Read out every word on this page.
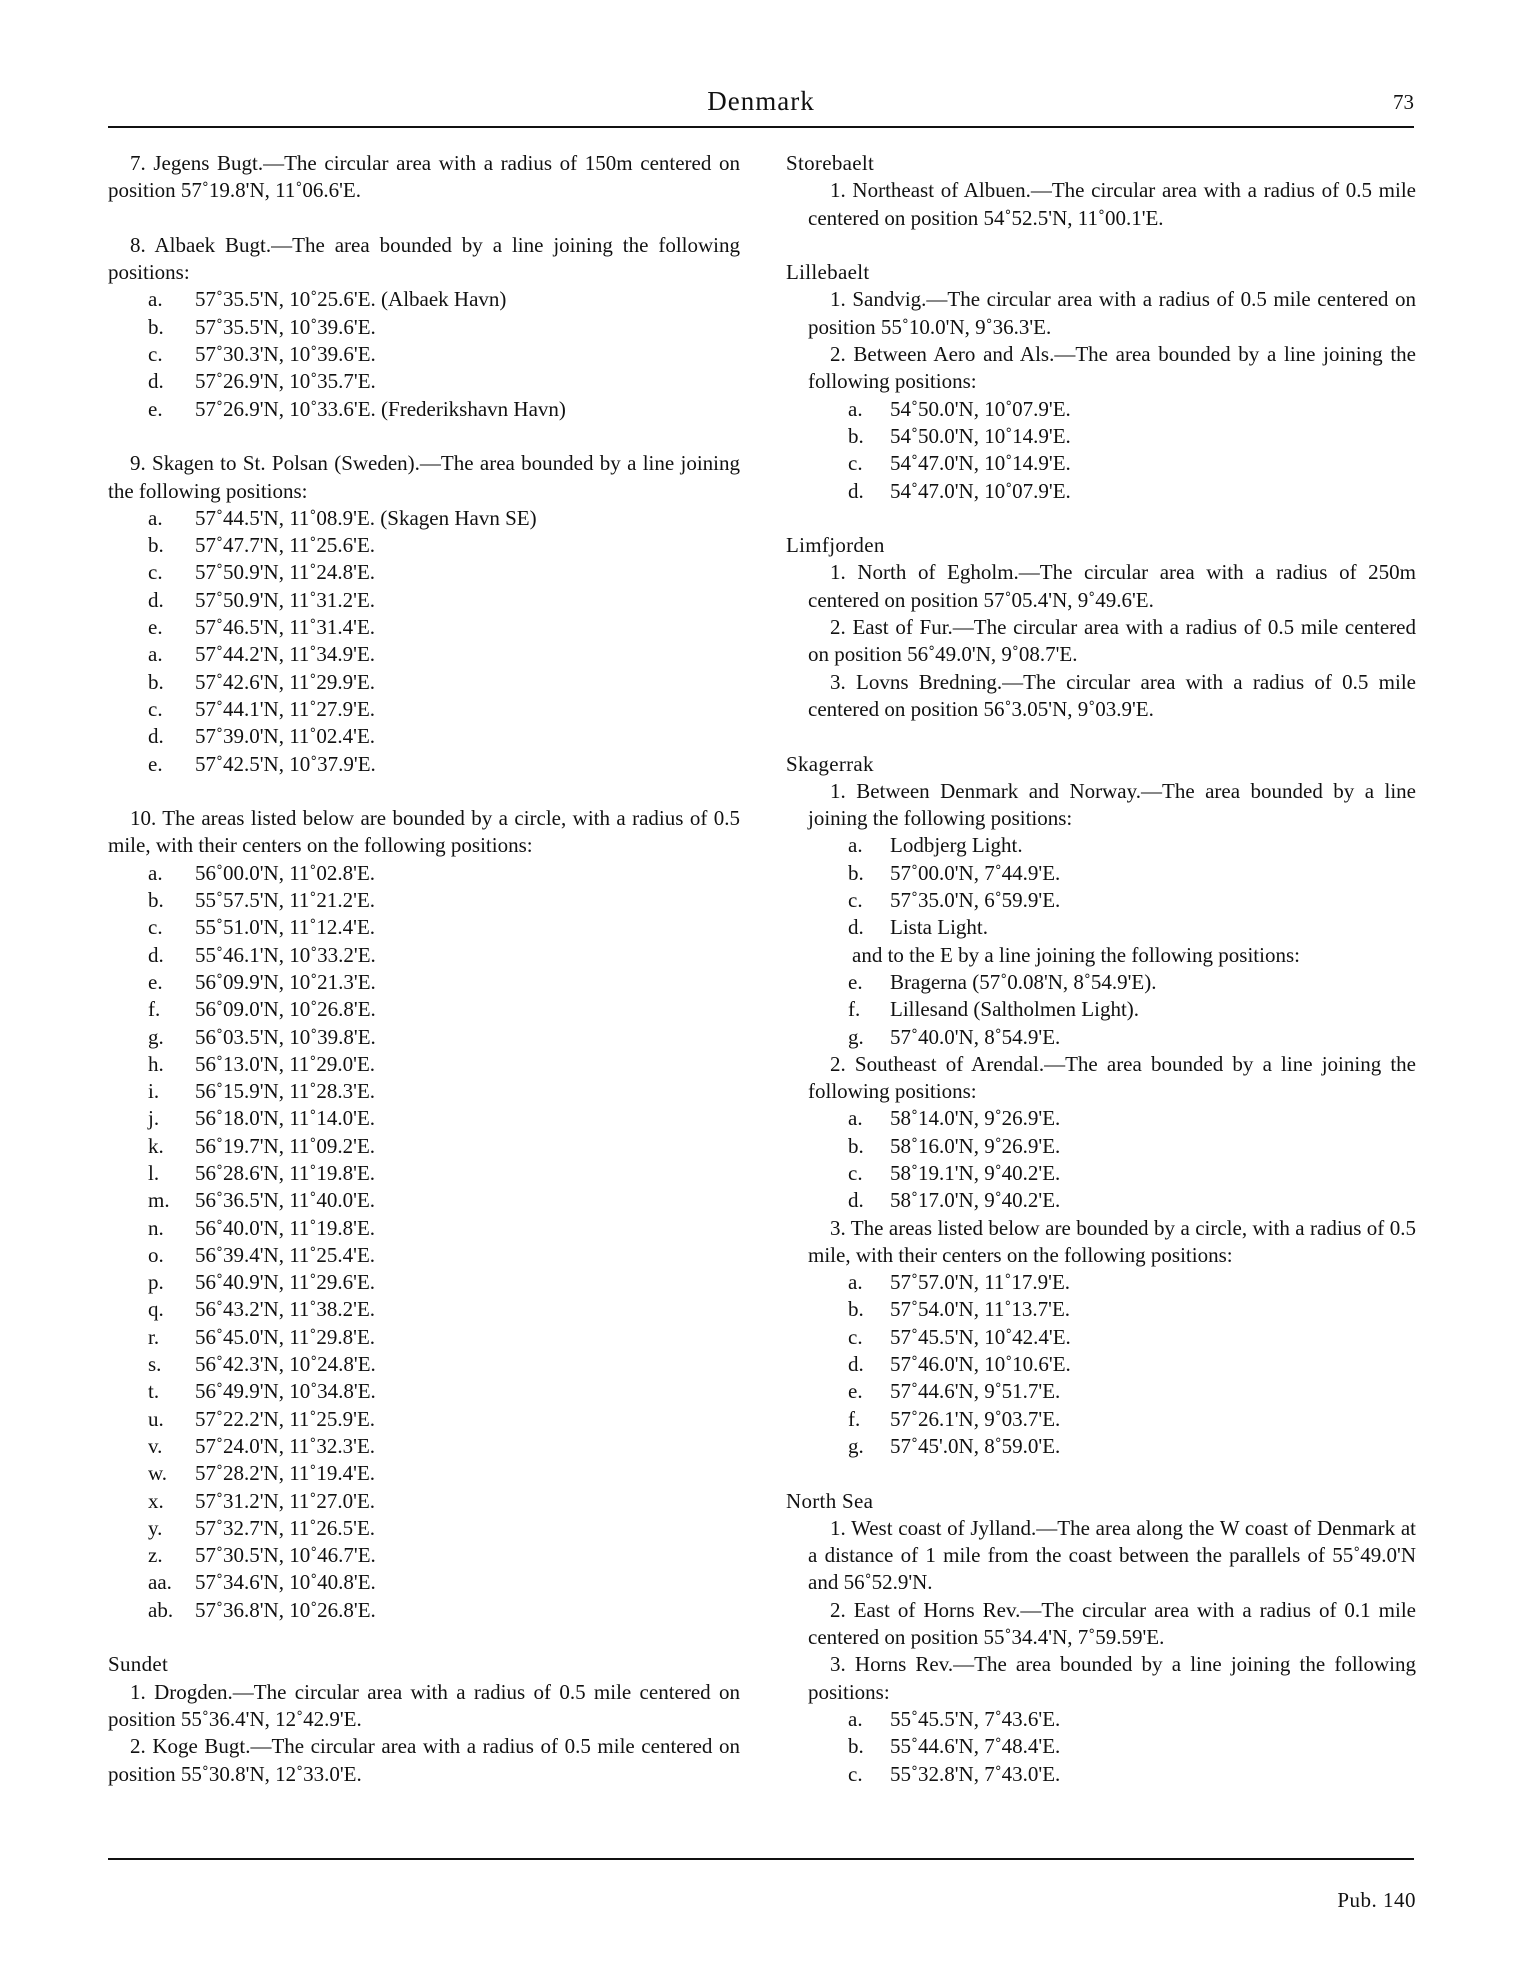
Denmark	73

7. Jegens Bugt.—The circular area with a radius of 150m centered on position 57˚19.8'N, 11˚06.6'E.

8. Albaek Bugt.—The area bounded by a line joining the following positions:

a. 57˚35.5'N, 10˚25.6'E. (Albaek Havn)
b. 57˚35.5'N, 10˚39.6'E.
c. 57˚30.3'N, 10˚39.6'E.
d. 57˚26.9'N, 10˚35.7'E.
e. 57˚26.9'N, 10˚33.6'E. (Frederikshavn Havn)

9. Skagen to St. Polsan (Sweden).—The area bounded by a line joining the following positions:

a. 57˚44.5'N, 11˚08.9'E. (Skagen Havn SE)
b. 57˚47.7'N, 11˚25.6'E.
c. 57˚50.9'N, 11˚24.8'E.
d. 57˚50.9'N, 11˚31.2'E.
e. 57˚46.5'N, 11˚31.4'E.
a. 57˚44.2'N, 11˚34.9'E.
b. 57˚42.6'N, 11˚29.9'E.
c. 57˚44.1'N, 11˚27.9'E.
d. 57˚39.0'N, 11˚02.4'E.
e. 57˚42.5'N, 10˚37.9'E.

10. The areas listed below are bounded by a circle, with a radius of 0.5 mile, with their centers on the following positions:

a. 56˚00.0'N, 11˚02.8'E.
b. 55˚57.5'N, 11˚21.2'E.
c. 55˚51.0'N, 11˚12.4'E.
d. 55˚46.1'N, 10˚33.2'E.
e. 56˚09.9'N, 10˚21.3'E.
f. 56˚09.0'N, 10˚26.8'E.
g. 56˚03.5'N, 10˚39.8'E.
h. 56˚13.0'N, 11˚29.0'E.
i. 56˚15.9'N, 11˚28.3'E.
j. 56˚18.0'N, 11˚14.0'E.
k. 56˚19.7'N, 11˚09.2'E.
l. 56˚28.6'N, 11˚19.8'E.
m. 56˚36.5'N, 11˚40.0'E.
n. 56˚40.0'N, 11˚19.8'E.
o. 56˚39.4'N, 11˚25.4'E.
p. 56˚40.9'N, 11˚29.6'E.
q. 56˚43.2'N, 11˚38.2'E.
r. 56˚45.0'N, 11˚29.8'E.
s. 56˚42.3'N, 10˚24.8'E.
t. 56˚49.9'N, 10˚34.8'E.
u. 57˚22.2'N, 11˚25.9'E.
v. 57˚24.0'N, 11˚32.3'E.
w. 57˚28.2'N, 11˚19.4'E.
x. 57˚31.2'N, 11˚27.0'E.
y. 57˚32.7'N, 11˚26.5'E.
z. 57˚30.5'N, 10˚46.7'E.
aa. 57˚34.6'N, 10˚40.8'E.
ab. 57˚36.8'N, 10˚26.8'E.

Sundet

1. Drogden.—The circular area with a radius of 0.5 mile centered on position 55˚36.4'N, 12˚42.9'E.

2. Koge Bugt.—The circular area with a radius of 0.5 mile centered on position 55˚30.8'N, 12˚33.0'E.

Storebaelt

1. Northeast of Albuen.—The circular area with a radius of 0.5 mile centered on position 54˚52.5'N, 11˚00.1'E.

Lillebaelt

1. Sandvig.—The circular area with a radius of 0.5 mile centered on position 55˚10.0'N, 9˚36.3'E.

2. Between Aero and Als.—The area bounded by a line joining the following positions:

a. 54˚50.0'N, 10˚07.9'E.
b. 54˚50.0'N, 10˚14.9'E.
c. 54˚47.0'N, 10˚14.9'E.
d. 54˚47.0'N, 10˚07.9'E.

Limfjorden

1. North of Egholm.—The circular area with a radius of 250m centered on position 57˚05.4'N, 9˚49.6'E.

2. East of Fur.—The circular area with a radius of 0.5 mile centered on position 56˚49.0'N, 9˚08.7'E.

3. Lovns Bredning.—The circular area with a radius of 0.5 mile centered on position 56˚3.05'N, 9˚03.9'E.

Skagerrak

1. Between Denmark and Norway.—The area bounded by a line joining the following positions:

a. Lodbjerg Light.
b. 57˚00.0'N, 7˚44.9'E.
c. 57˚35.0'N, 6˚59.9'E.
d. Lista Light.

and to the E by a line joining the following positions:

e. Bragerna (57˚0.08'N, 8˚54.9'E).
f. Lillesand (Saltholmen Light).
g. 57˚40.0'N, 8˚54.9'E.

2. Southeast of Arendal.—The area bounded by a line joining the following positions:

a. 58˚14.0'N, 9˚26.9'E.
b. 58˚16.0'N, 9˚26.9'E.
c. 58˚19.1'N, 9˚40.2'E.
d. 58˚17.0'N, 9˚40.2'E.

3. The areas listed below are bounded by a circle, with a radius of 0.5 mile, with their centers on the following positions:

a. 57˚57.0'N, 11˚17.9'E.
b. 57˚54.0'N, 11˚13.7'E.
c. 57˚45.5'N, 10˚42.4'E.
d. 57˚46.0'N, 10˚10.6'E.
e. 57˚44.6'N, 9˚51.7'E.
f. 57˚26.1'N, 9˚03.7'E.
g. 57˚45'.0N, 8˚59.0'E.

North Sea

1. West coast of Jylland.—The area along the W coast of Denmark at a distance of 1 mile from the coast between the parallels of 55˚49.0'N and 56˚52.9'N.

2. East of Horns Rev.—The circular area with a radius of 0.1 mile centered on position 55˚34.4'N, 7˚59.59'E.

3. Horns Rev.—The area bounded by a line joining the following positions:

a. 55˚45.5'N, 7˚43.6'E.
b. 55˚44.6'N, 7˚48.4'E.
c. 55˚32.8'N, 7˚43.0'E.
Pub. 140
